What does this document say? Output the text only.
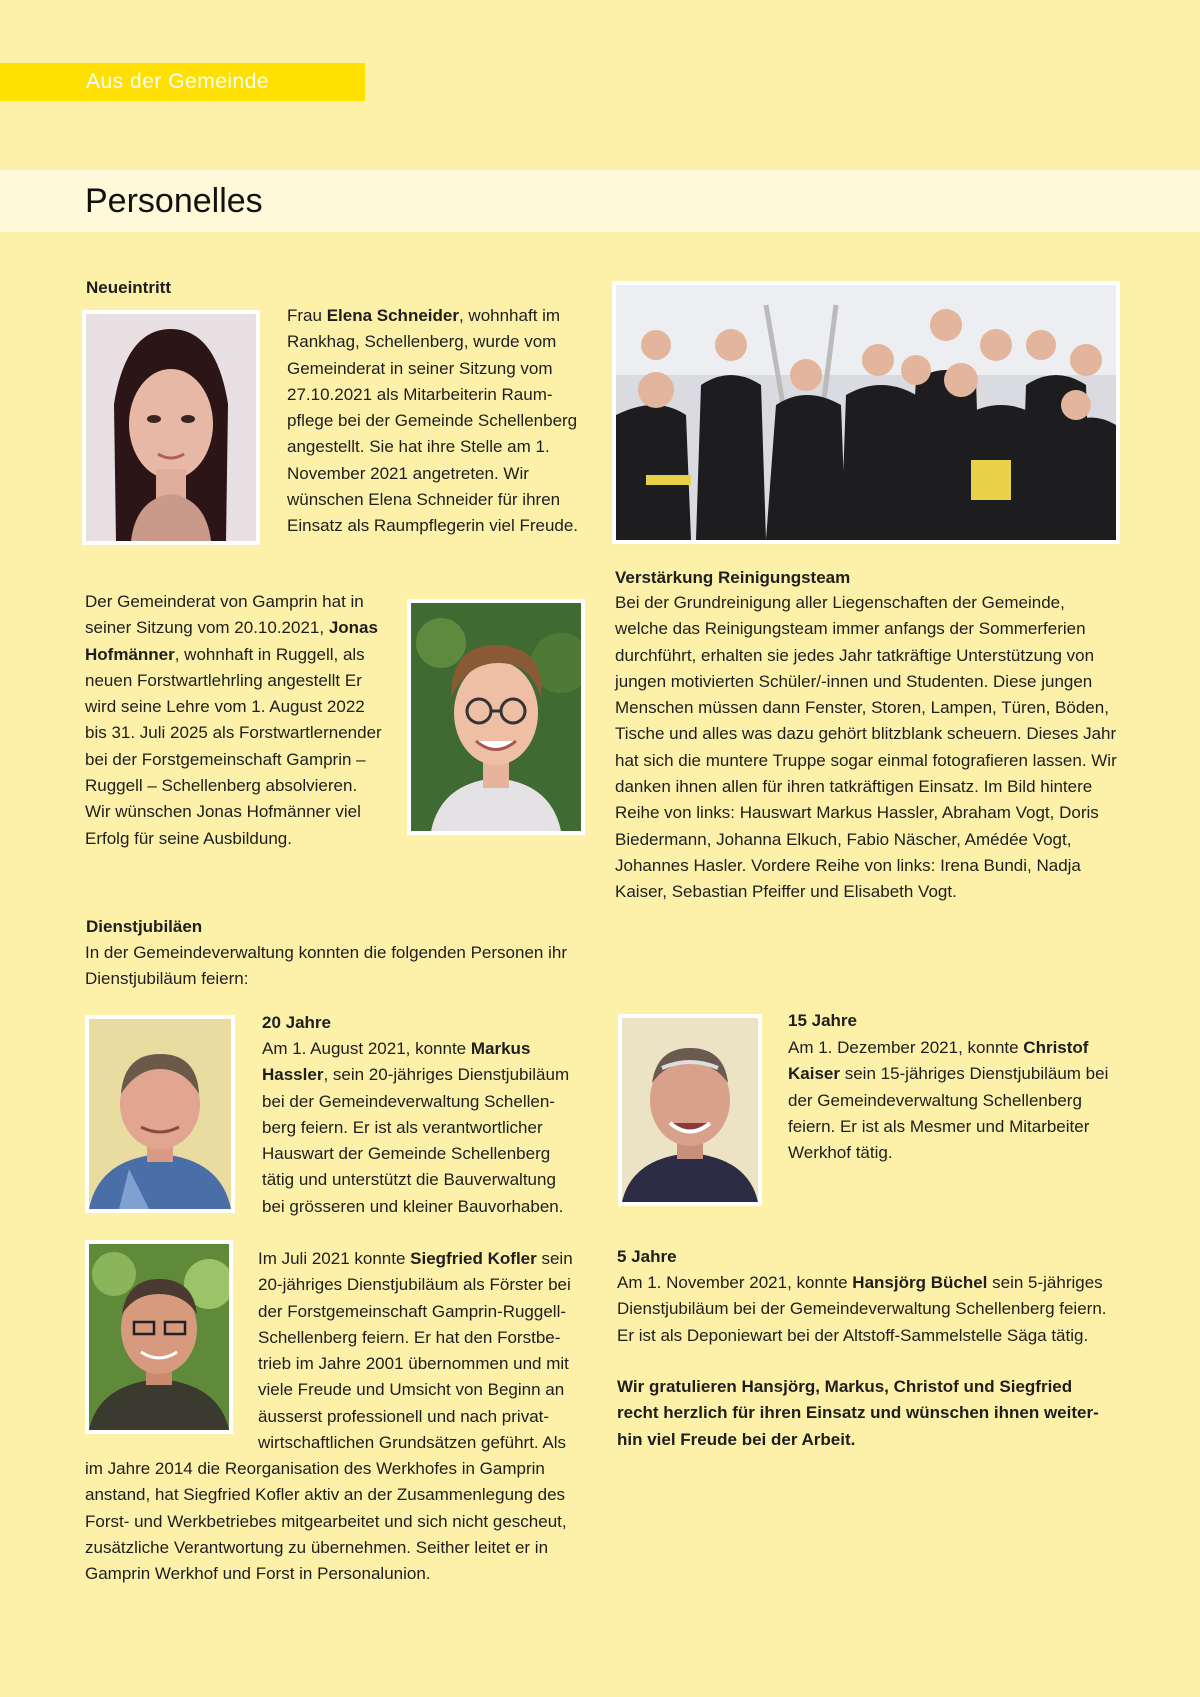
Aus der Gemeinde
Personelles
Neueintritt
Frau Elena Schneider, wohnhaft im Rankhag, Schellenberg, wurde vom Gemeinderat in seiner Sitzung vom 27.10.2021 als Mitarbeiterin Raumpflege bei der Gemeinde Schellenberg angestellt. Sie hat ihre Stelle am 1. November 2021 angetreten. Wir wünschen Elena Schneider für ihren Einsatz als Raumpflegerin viel Freude.
Der Gemeinderat von Gamprin hat in seiner Sitzung vom 20.10.2021, Jonas Hofmänner, wohnhaft in Ruggell, als neuen Forstwartlehrling angestellt Er wird seine Lehre vom 1. August 2022 bis 31. Juli 2025 als Forstwartlernender bei der Forstgemeinschaft Gamprin – Ruggell – Schellenberg absolvieren. Wir wünschen Jonas Hofmänner viel Erfolg für seine Ausbildung.
Verstärkung Reinigungsteam
Bei der Grundreinigung aller Liegenschaften der Gemeinde, welche das Reinigungsteam immer anfangs der Sommerferien durchführt, erhalten sie jedes Jahr tatkräftige Unterstützung von jungen motivierten Schüler/-innen und Studenten. Diese jungen Menschen müssen dann Fenster, Storen, Lampen, Türen, Böden, Tische und alles was dazu gehört blitzblank scheuern. Dieses Jahr hat sich die muntere Truppe sogar einmal fotografieren lassen. Wir danken ihnen allen für ihren tatkräftigen Einsatz. Im Bild hintere Reihe von links: Hauswart Markus Hassler, Abraham Vogt, Doris Biedermann, Johanna Elkuch, Fabio Näscher, Amédée Vogt, Johannes Hasler. Vordere Reihe von links: Irena Bundi, Nadja Kaiser, Sebastian Pfeiffer und Elisabeth Vogt.
Dienstjubiläen
In der Gemeindeverwaltung konnten die folgenden Personen ihr Dienstjubiläum feiern:
20 Jahre
Am 1. August 2021, konnte Markus Hassler, sein 20-jähriges Dienstjubiläum bei der Gemeindeverwaltung Schellenberg feiern. Er ist als verantwortlicher Hauswart der Gemeinde Schellenberg tätig und unterstützt die Bauverwaltung bei grösseren und kleiner Bauvorhaben.
Im Juli 2021 konnte Siegfried Kofler sein 20-jähriges Dienstjubiläum als Förster bei der Forstgemeinschaft Gamprin-Ruggell-Schellenberg feiern. Er hat den Forstbetrieb im Jahre 2001 übernommen und mit viele Freude und Umsicht von Beginn an äusserst professionell und nach privatwirtschaftlichen Grundsätzen geführt. Als
im Jahre 2014 die Reorganisation des Werkhofes in Gamprin anstand, hat Siegfried Kofler aktiv an der Zusammenlegung des Forst- und Werkbetriebes mitgearbeitet und sich nicht gescheut, zusätzliche Verantwortung zu übernehmen. Seither leitet er in Gamprin Werkhof und Forst in Personalunion.
15 Jahre
Am 1. Dezember 2021, konnte Christof Kaiser sein 15-jähriges Dienstjubiläum bei der Gemeindeverwaltung Schellenberg feiern. Er ist als Mesmer und Mitarbeiter Werkhof tätig.
5 Jahre
Am 1. November 2021, konnte Hansjörg Büchel sein 5-jähriges Dienstjubiläum bei der Gemeindeverwaltung Schellenberg feiern. Er ist als Deponiewart bei der Altstoff-Sammelstelle Säga tätig.
Wir gratulieren Hansjörg, Markus, Christof und Siegfried recht herzlich für ihren Einsatz und wünschen ihnen weiterhin viel Freude bei der Arbeit.
